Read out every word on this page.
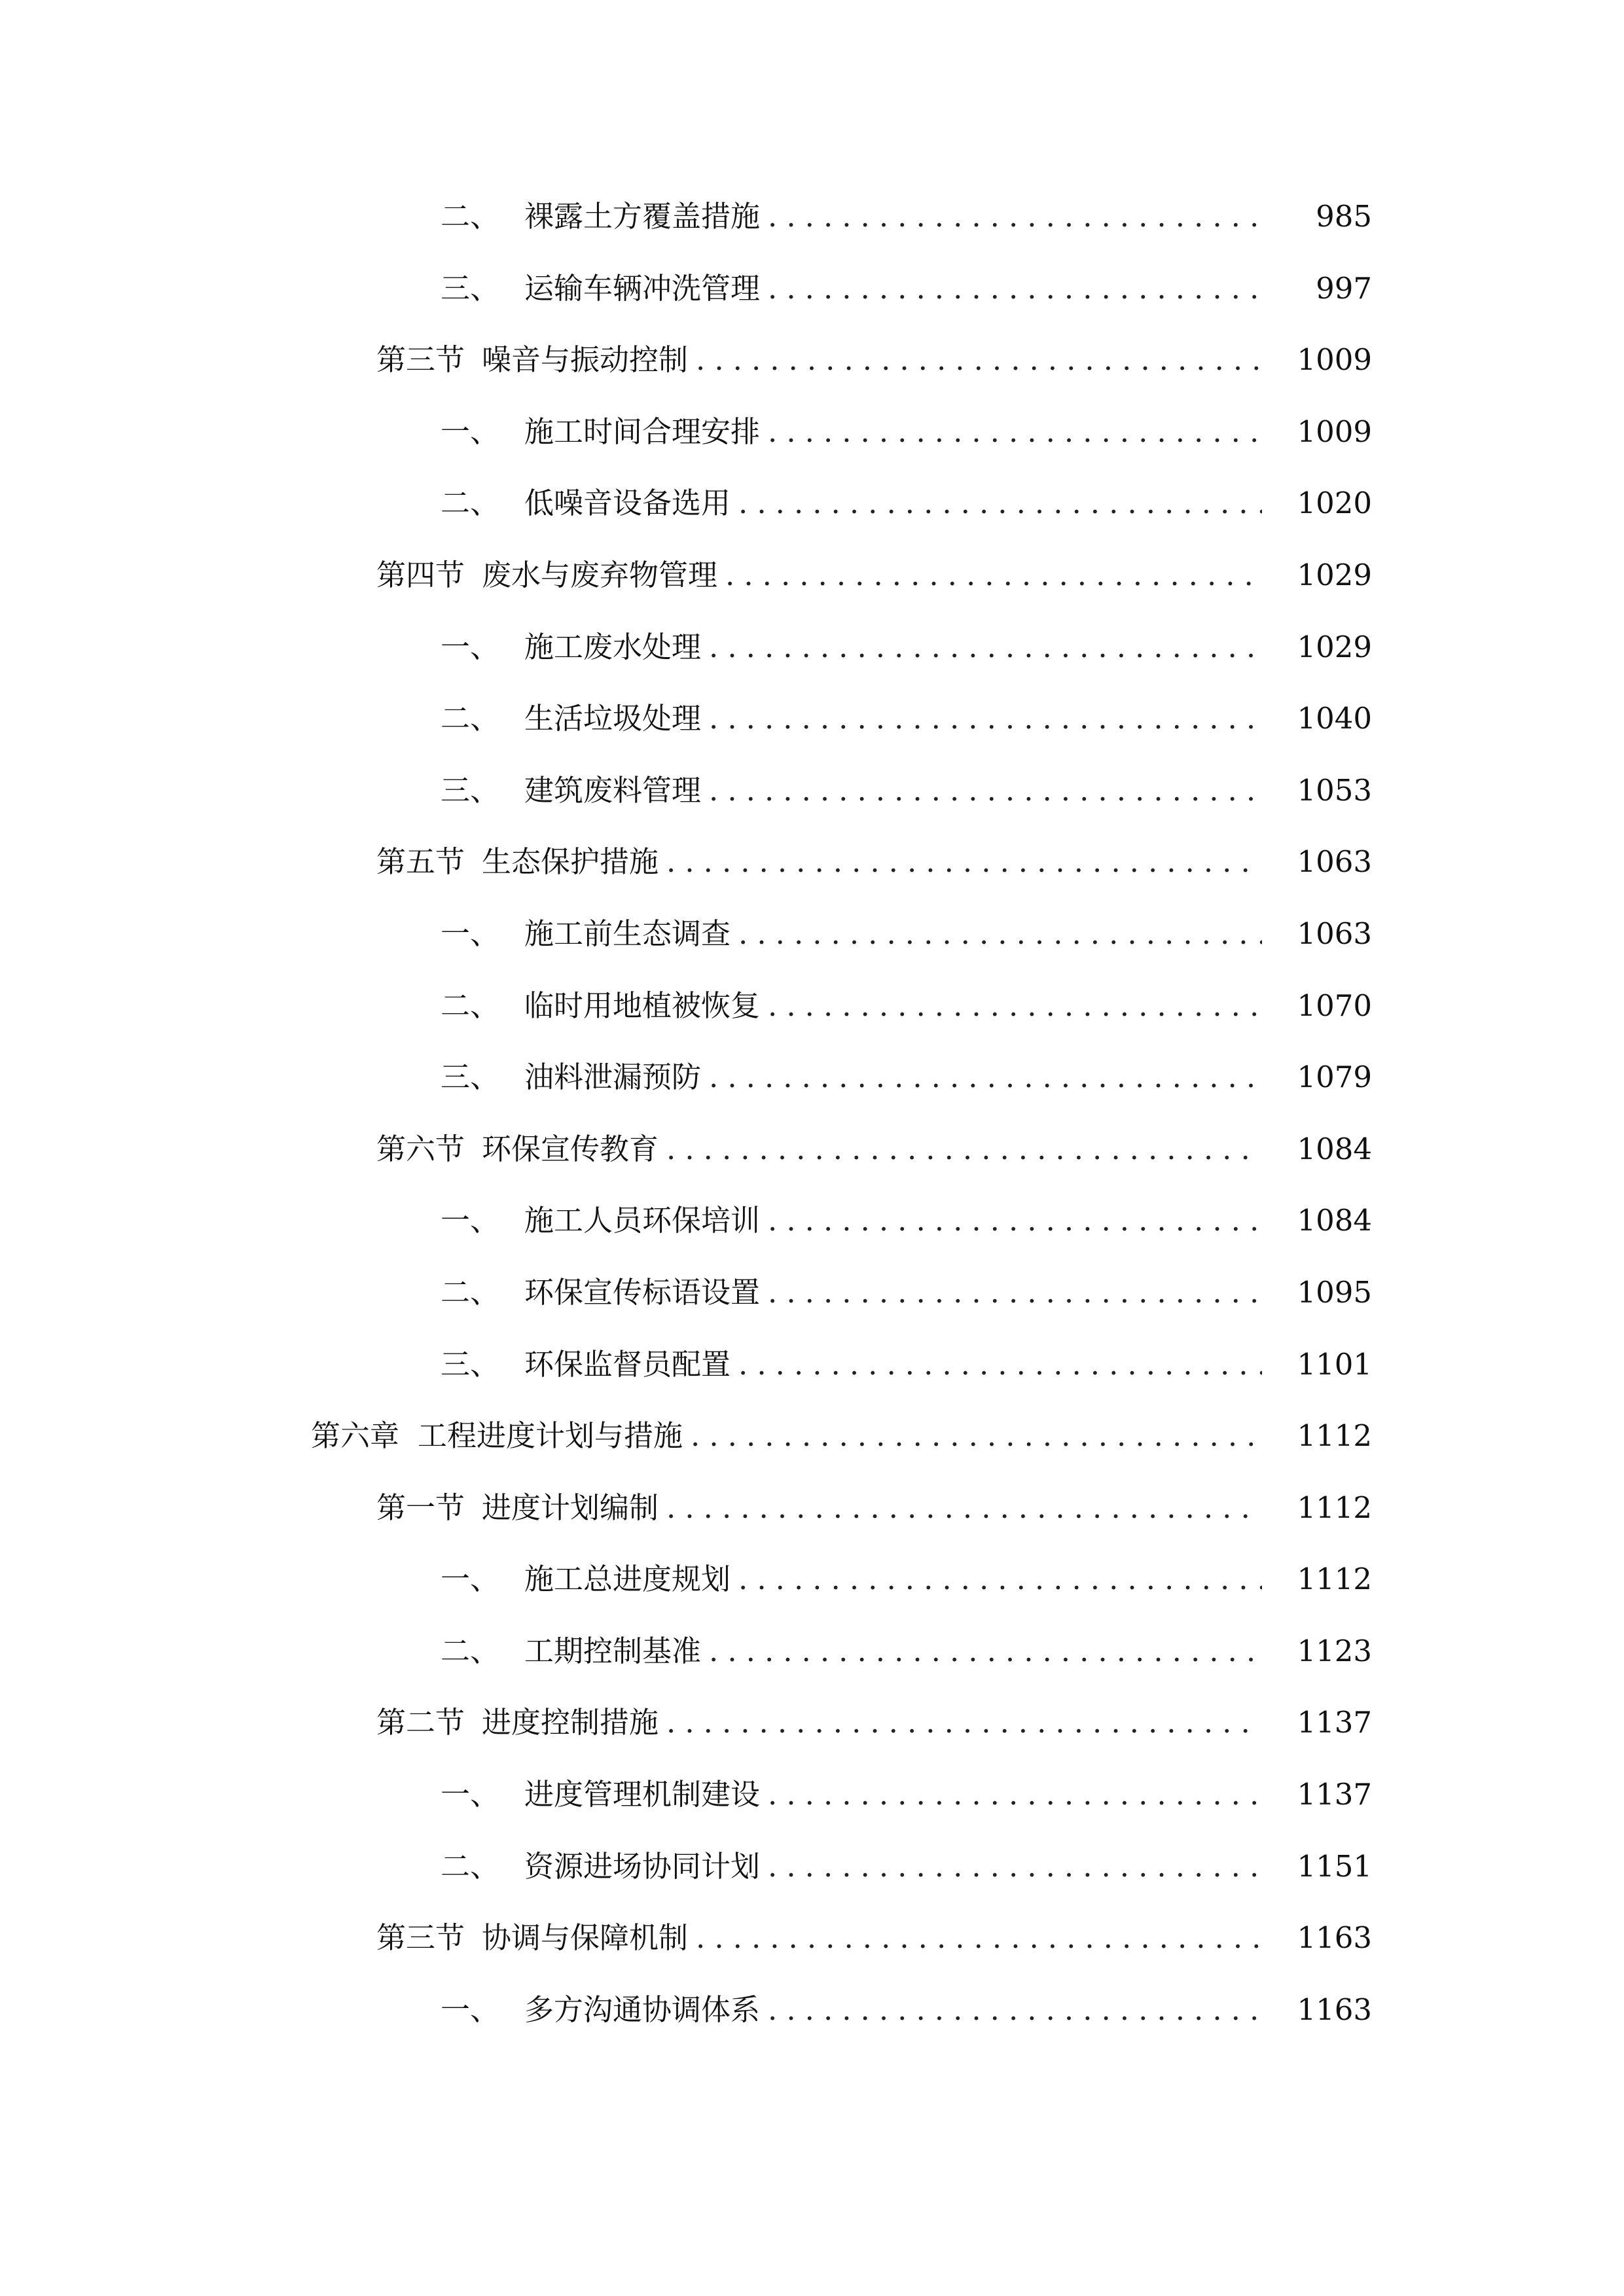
二、 裸露土方覆盖措施 .....	985
三、 运输车辆冲洗管理 .....	997
第三节 噪音与振动控制 .....	1009
一、 施工时间合理安排 .....	1009
二、 低噪音设备选用 .....	1020
第四节 废水与废弃物管理 .....	1029
一、 施工废水处理 .....	1029
二、 生活垃圾处理 .....	1040
三、 建筑废料管理 .....	1053
第五节 生态保护措施 .....	1063
一、 施工前生态调查 .....	1063
二、 临时用地植被恢复 .....	1070
三、 油料泄漏预防 .....	1079
第六节 环保宣传教育 .....	1084
一、 施工人员环保培训 .....	1084
二、 环保宣传标语设置 .....	1095
三、 环保监督员配置 .....	1101
第六章 工程进度计划与措施 .....	1112
第一节 进度计划编制 .....	1112
一、 施工总进度规划 .....	1112
二、 工期控制基准 .....	1123
第二节 进度控制措施 .....	1137
一、 进度管理机制建设 .....	1137
二、 资源进场协同计划 .....	1151
第三节 协调与保障机制 .....	1163
一、 多方沟通协调体系 .....	1163
